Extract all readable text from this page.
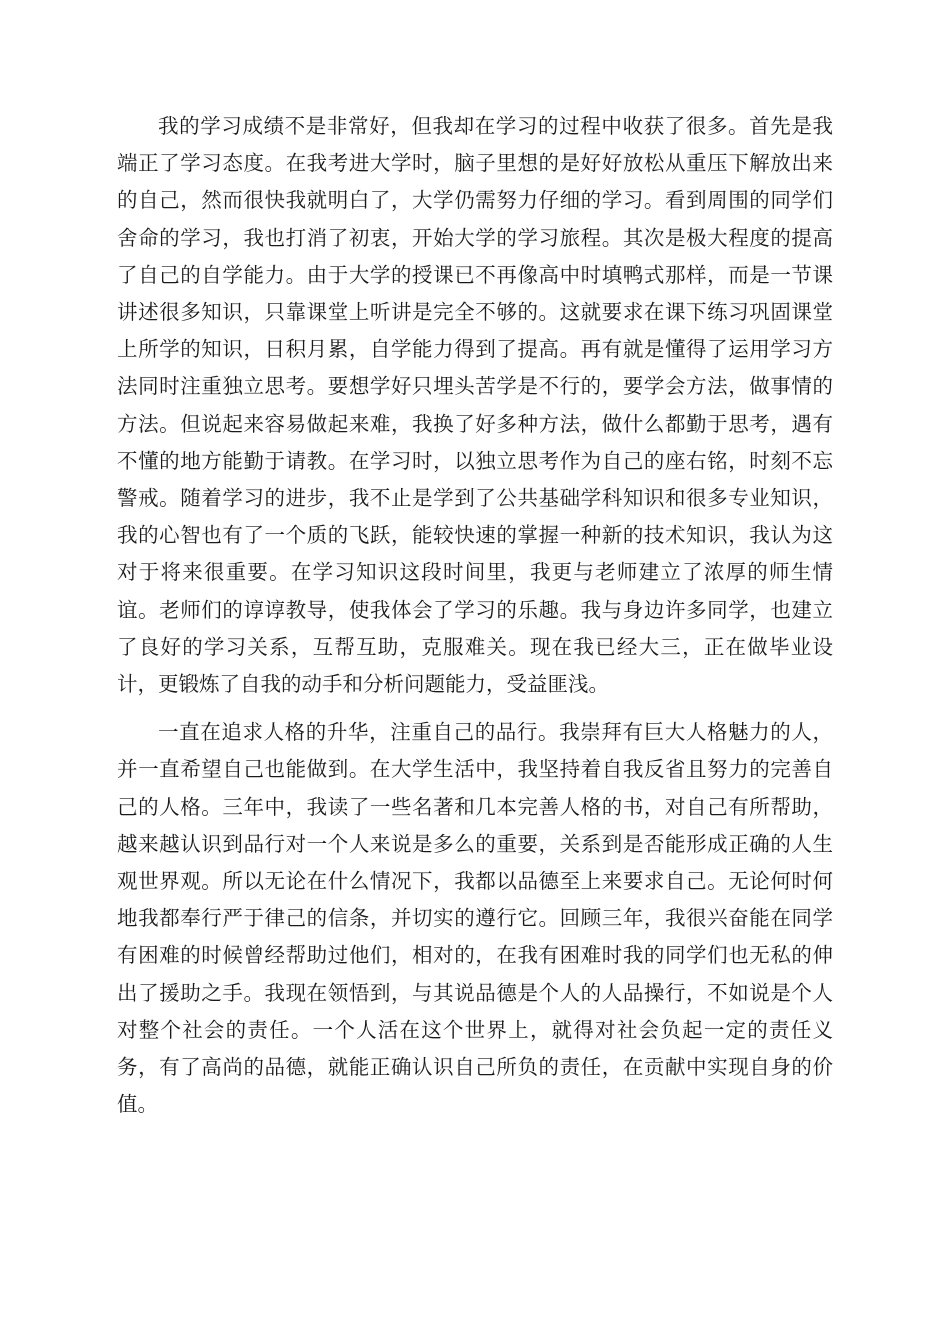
我的学习成绩不是非常好，但我却在学习的过程中收获了很多。首先是我端正了学习态度。在我考进大学时，脑子里想的是好好放松从重压下解放出来的自己，然而很快我就明白了，大学仍需努力仔细的学习。看到周围的同学们舍命的学习，我也打消了初衷，开始大学的学习旅程。其次是极大程度的提高了自己的自学能力。由于大学的授课已不再像高中时填鸭式那样，而是一节课讲述很多知识，只靠课堂上听讲是完全不够的。这就要求在课下练习巩固课堂上所学的知识，日积月累，自学能力得到了提高。再有就是懂得了运用学习方法同时注重独立思考。要想学好只埋头苦学是不行的，要学会方法，做事情的方法。但说起来容易做起来难，我换了好多种方法，做什么都勤于思考，遇有不懂的地方能勤于请教。在学习时，以独立思考作为自己的座右铭，时刻不忘警戒。随着学习的进步，我不止是学到了公共基础学科知识和很多专业知识，我的心智也有了一个质的飞跃，能较快速的掌握一种新的技术知识，我认为这对于将来很重要。在学习知识这段时间里，我更与老师建立了浓厚的师生情谊。老师们的谆谆教导，使我体会了学习的乐趣。我与身边许多同学，也建立了良好的学习关系，互帮互助，克服难关。现在我已经大三，正在做毕业设计，更锻炼了自我的动手和分析问题能力，受益匪浅。

一直在追求人格的升华，注重自己的品行。我崇拜有巨大人格魅力的人，并一直希望自己也能做到。在大学生活中，我坚持着自我反省且努力的完善自己的人格。三年中，我读了一些名著和几本完善人格的书，对自己有所帮助，越来越认识到品行对一个人来说是多么的重要，关系到是否能形成正确的人生观世界观。所以无论在什么情况下，我都以品德至上来要求自己。无论何时何地我都奉行严于律己的信条，并切实的遵行它。回顾三年，我很兴奋能在同学有困难的时候曾经帮助过他们，相对的，在我有困难时我的同学们也无私的伸出了援助之手。我现在领悟到，与其说品德是个人的人品操行，不如说是个人对整个社会的责任。一个人活在这个世界上，就得对社会负起一定的责任义务，有了高尚的品德，就能正确认识自己所负的责任，在贡献中实现自身的价值。
